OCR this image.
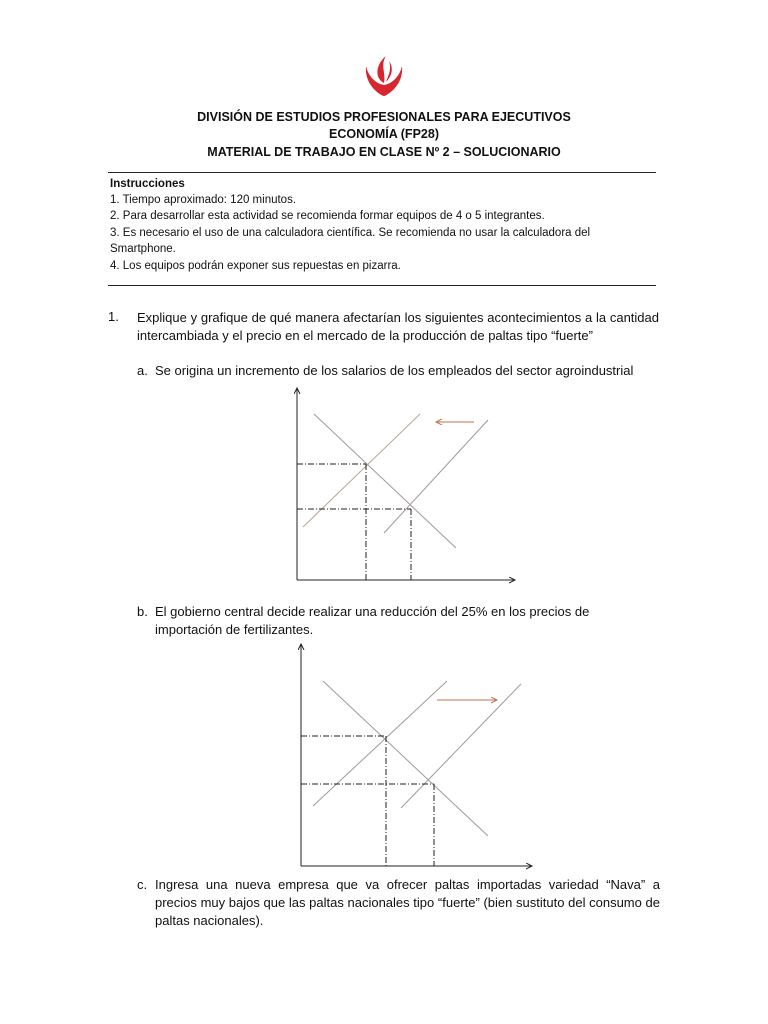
DIVISIÓN DE ESTUDIOS PROFESIONALES PARA EJECUTIVOS
ECONOMÍA (FP28)
MATERIAL DE TRABAJO EN CLASE Nº 2 – SOLUCIONARIO
Instrucciones
1. Tiempo aproximado: 120 minutos.
2. Para desarrollar esta actividad se recomienda formar equipos de 4 o 5 integrantes.
3. Es necesario el uso de una calculadora científica. Se recomienda no usar la calculadora del Smartphone.
4. Los equipos podrán exponer sus repuestas en pizarra.
1. Explique y grafique de qué manera afectarían los siguientes acontecimientos a la cantidad intercambiada y el precio en el mercado de la producción de paltas tipo “fuerte”
a. Se origina un incremento de los salarios de los empleados del sector agroindustrial
b. El gobierno central decide realizar una reducción del 25% en los precios de importación de fertilizantes.
c. Ingresa una nueva empresa que va ofrecer paltas importadas variedad “Nava” a precios muy bajos que las paltas nacionales tipo “fuerte” (bien sustituto del consumo de paltas nacionales).
